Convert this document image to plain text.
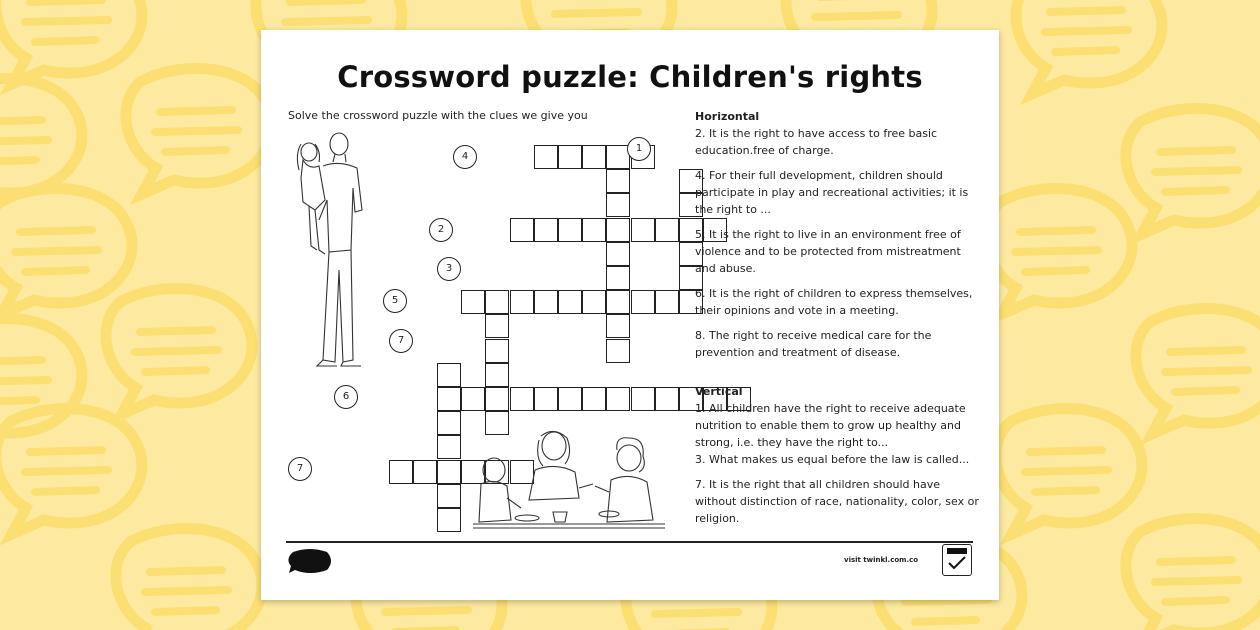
Crossword puzzle: Children's rights
Solve the crossword puzzle with the clues we give you
4
1
2
3
5
7
6
7
Horizontal

2. It is the right to have access to free basic education.free of charge.

4. For their full development, children should participate in play and recreational activities; it is the right to ...

5. It is the right to live in an environment free of violence and to be protected from mistreatment and abuse.

6. It is the right of children to express themselves, their opinions and vote in a meeting.

8. The right to receive medical care for the prevention and treatment of disease.

Vertical

1. All children have the right to receive adequate nutrition to enable them to grow up healthy and strong, i.e. they have the right to...

3. What makes us equal before the law is called...

7. It is the right that all children should have without distinction of race, nationality, color, sex or religion.

visit twinkl.com.co
